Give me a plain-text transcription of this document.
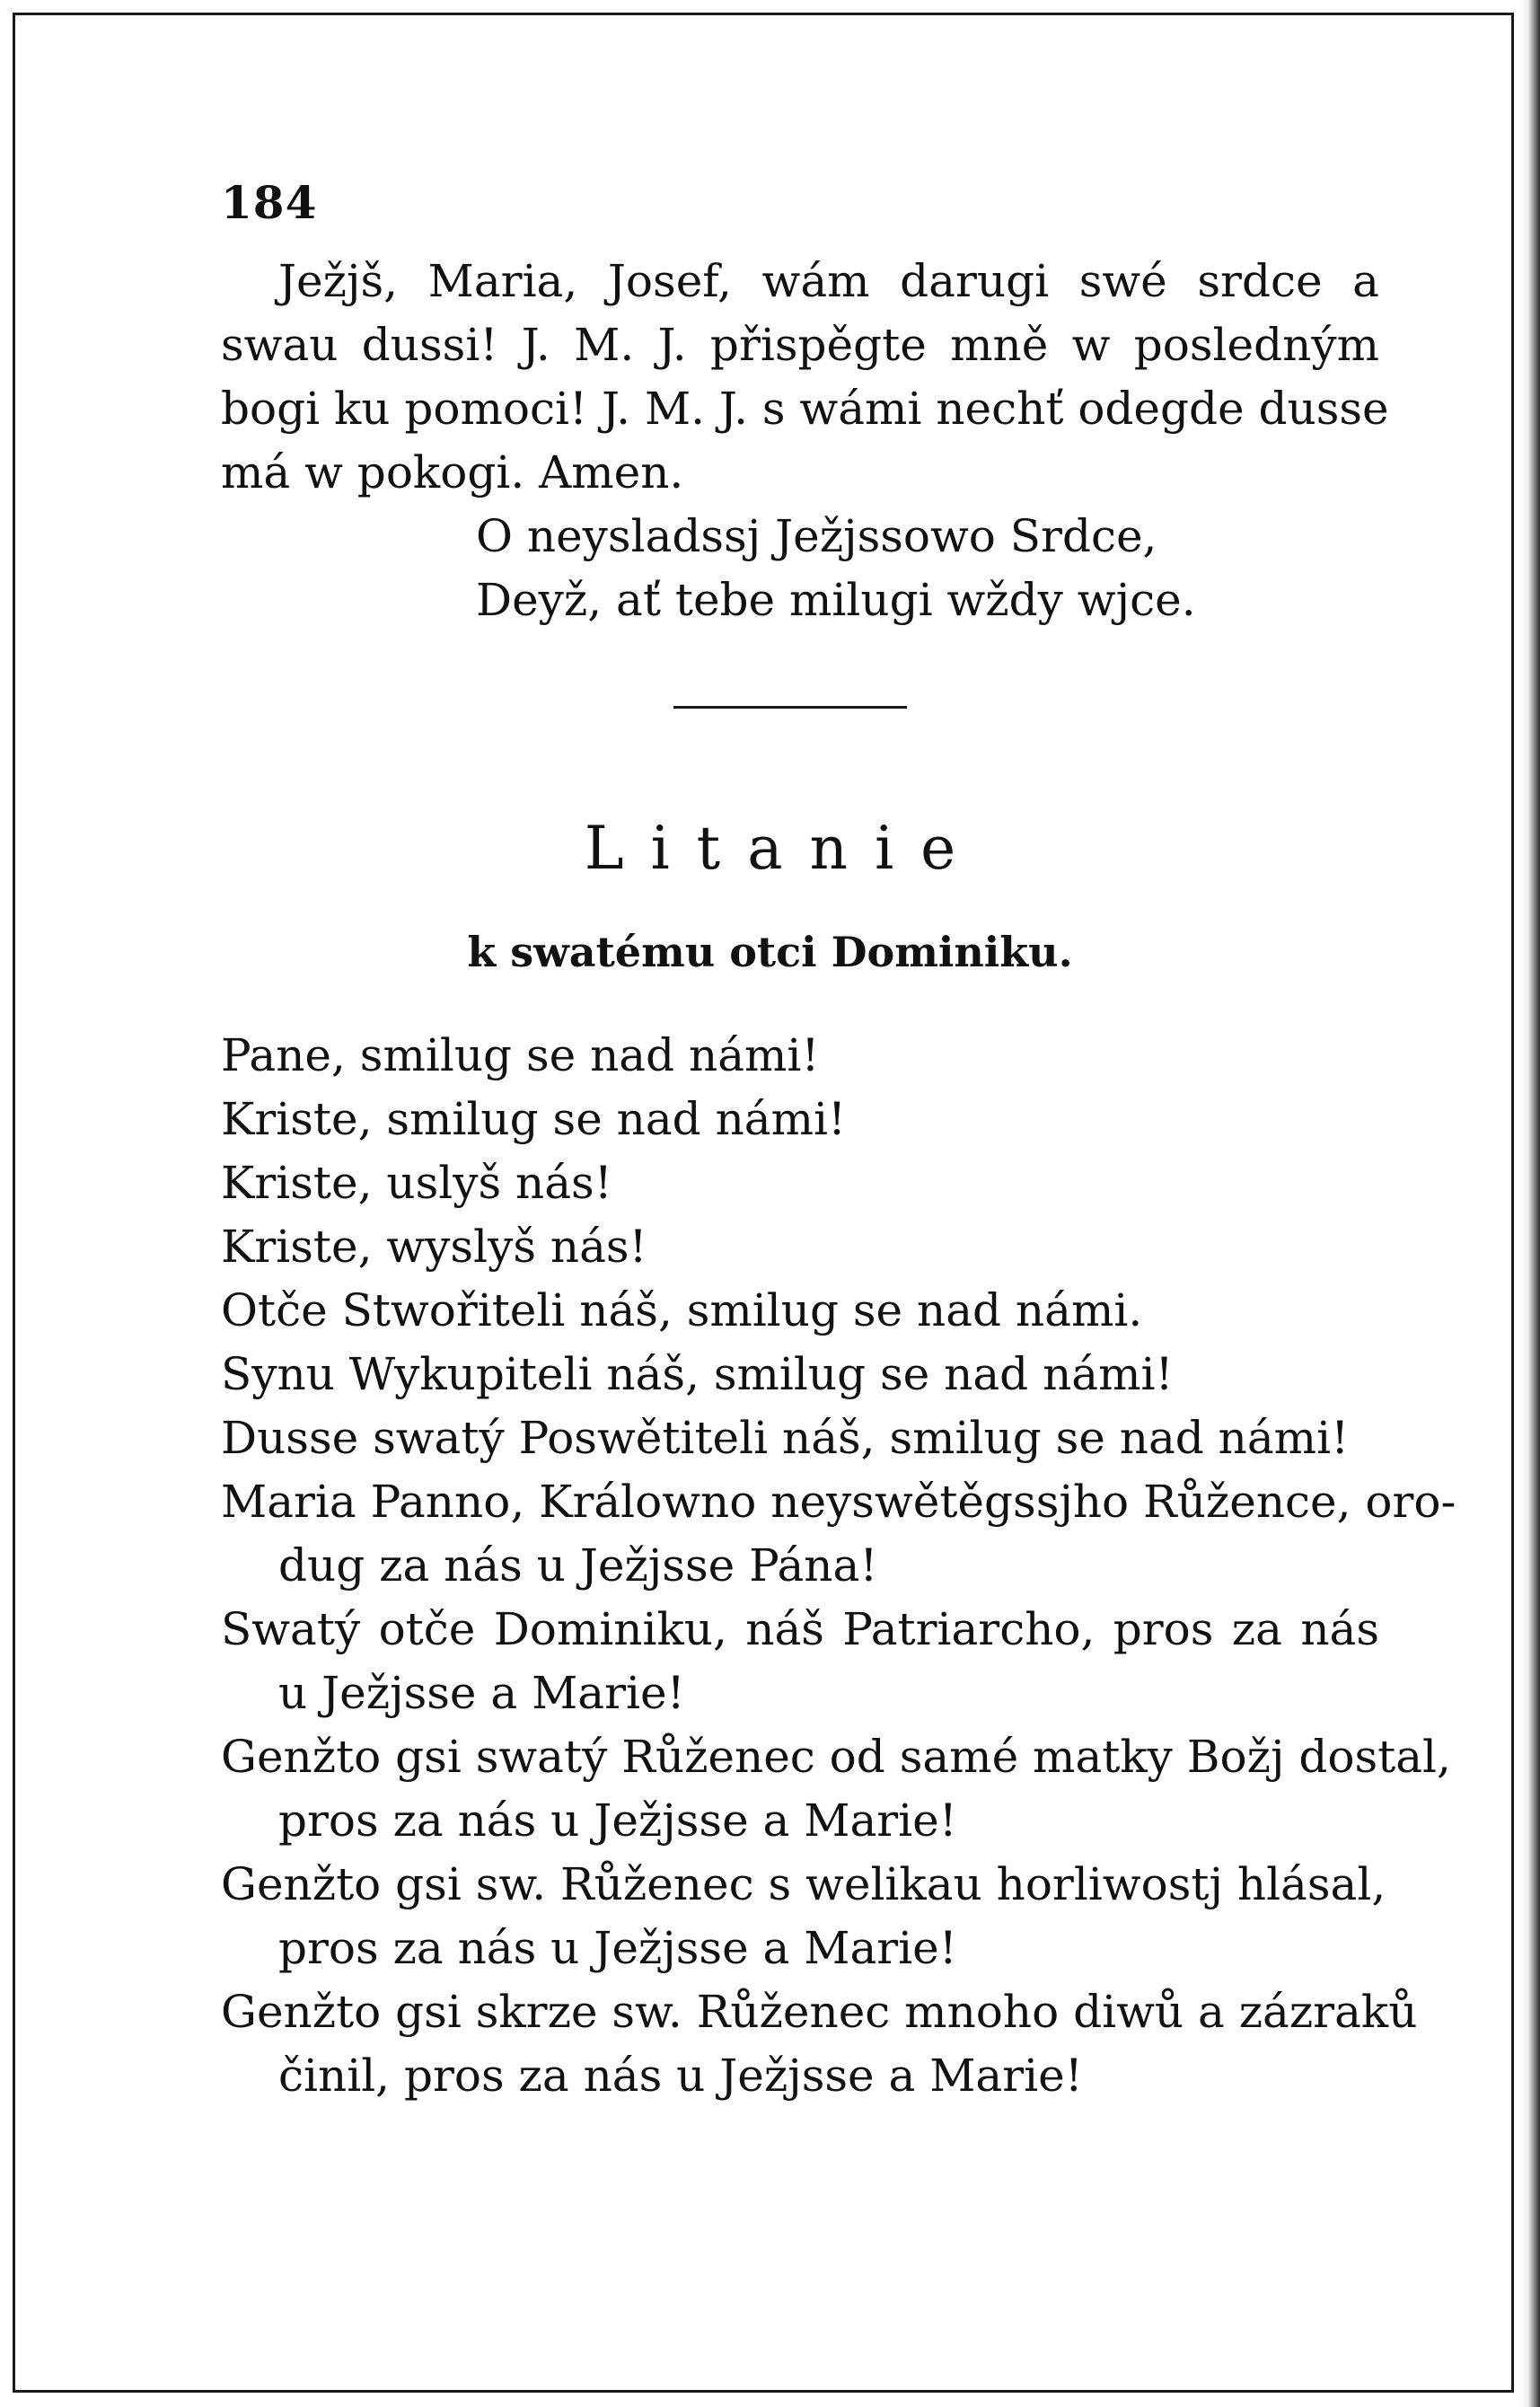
184
Ježjš, Maria, Josef, wám darugi swé srdce a
swau dussi! J. M. J. přispěgte mně w posledným
bogi ku pomoci! J. M. J. s wámi nechť odegde dusse
má w pokogi. Amen.
O neysladssj Ježjssowo Srdce,
Deyž, ať tebe milugi wždy wjce.
Litanie
k swatému otci Dominiku.
Pane, smilug se nad námi!
Kriste, smilug se nad námi!
Kriste, uslyš nás!
Kriste, wyslyš nás!
Otče Stwořiteli náš, smilug se nad námi.
Synu Wykupiteli náš, smilug se nad námi!
Dusse swatý Poswětiteli náš, smilug se nad námi!
Maria Panno, Králowno neyswětěgssjho Růžence, oro-
dug za nás u Ježjsse Pána!
Swatý otče Dominiku, náš Patriarcho, pros za nás
u Ježjsse a Marie!
Genžto gsi swatý Růženec od samé matky Božj dostal,
pros za nás u Ježjsse a Marie!
Genžto gsi sw. Růženec s welikau horliwostj hlásal,
pros za nás u Ježjsse a Marie!
Genžto gsi skrze sw. Růženec mnoho diwů a zázraků
činil, pros za nás u Ježjsse a Marie!
